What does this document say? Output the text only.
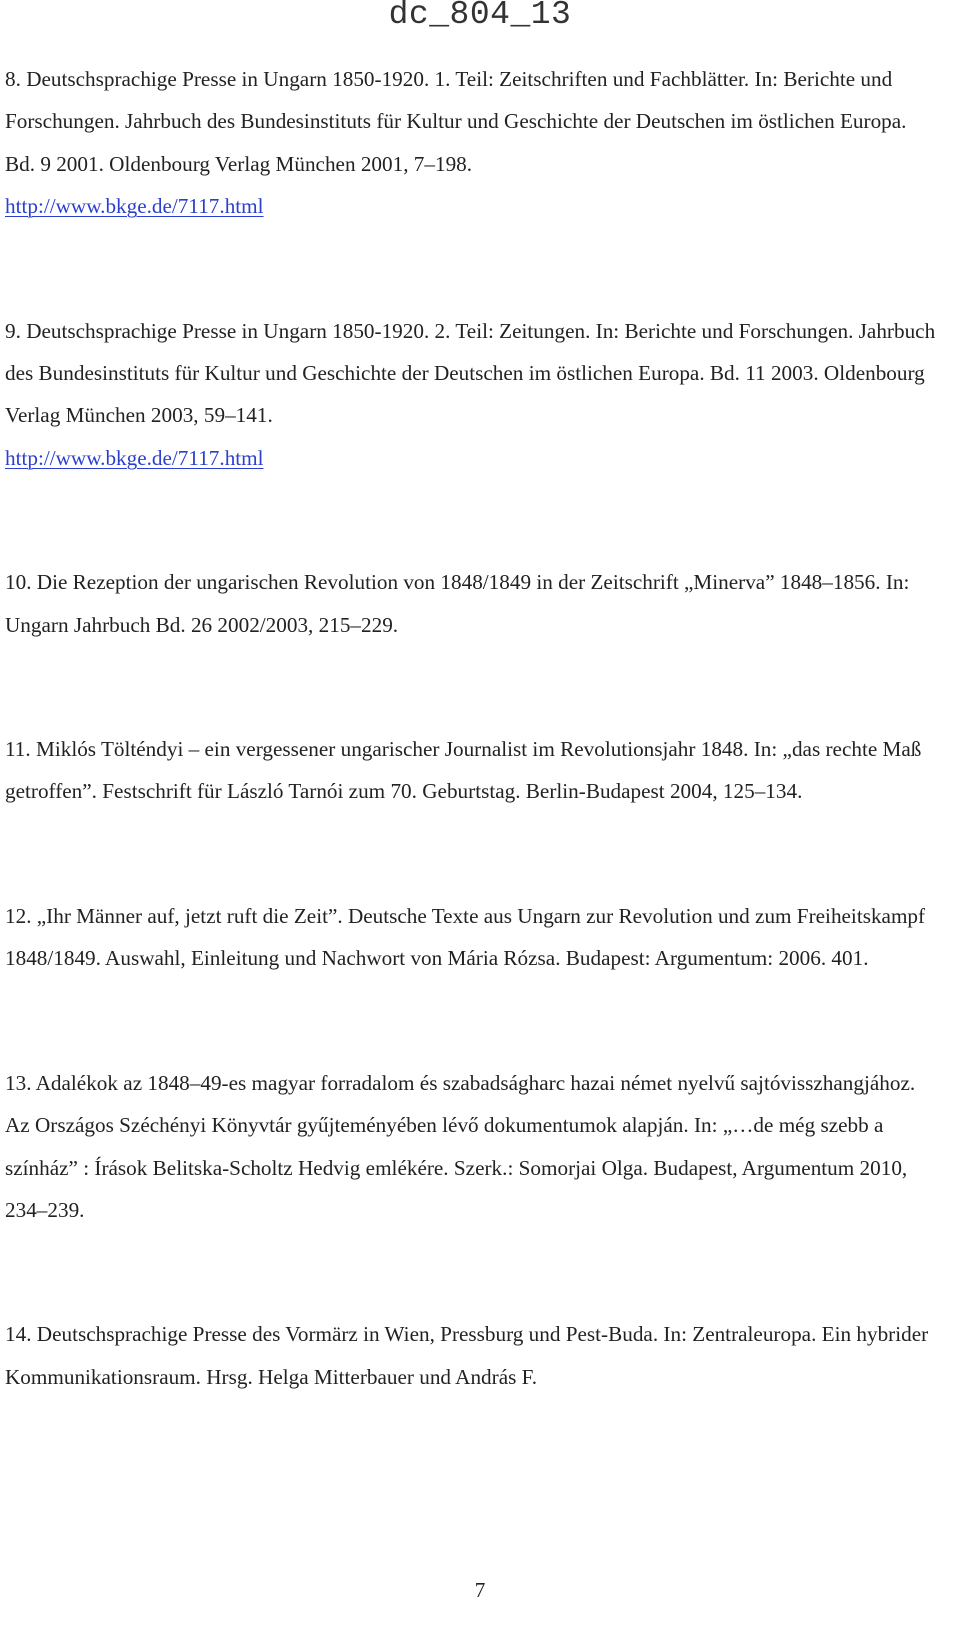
dc_804_13
8. Deutschsprachige Presse in Ungarn 1850-1920. 1. Teil: Zeitschriften und Fachblätter. In: Berichte und Forschungen. Jahrbuch des Bundesinstituts für Kultur und Geschichte der Deutschen im östlichen Europa. Bd. 9 2001. Oldenbourg Verlag München 2001, 7–198.
http://www.bkge.de/7117.html
9. Deutschsprachige Presse in Ungarn 1850-1920. 2. Teil: Zeitungen. In: Berichte und Forschungen. Jahrbuch des Bundesinstituts für Kultur und Geschichte der Deutschen im östlichen Europa. Bd. 11 2003. Oldenbourg Verlag München 2003, 59–141.
http://www.bkge.de/7117.html
10. Die Rezeption der ungarischen Revolution von 1848/1849 in der Zeitschrift „Minerva” 1848–1856. In: Ungarn Jahrbuch Bd. 26 2002/2003, 215–229.
11. Miklós Tölténdyi – ein vergessener ungarischer Journalist im Revolutionsjahr 1848. In: „das rechte Maß getroffen”. Festschrift für László Tarnói zum 70. Geburtstag. Berlin-Budapest 2004, 125–134.
12. „Ihr Männer auf, jetzt ruft die Zeit”. Deutsche Texte aus Ungarn zur Revolution und zum Freiheitskampf 1848/1849. Auswahl, Einleitung und Nachwort von Mária Rózsa. Budapest: Argumentum: 2006. 401.
13. Adalékok az 1848–49-es magyar forradalom és szabadságharc hazai német nyelvű sajtóvisszhangjához. Az Országos Széchényi Könyvtár gyűjteményében lévő dokumentumok alapján. In: „…de még szebb a színház” : Írások Belitska-Scholtz Hedvig emlékére. Szerk.: Somorjai Olga. Budapest, Argumentum 2010, 234–239.
14. Deutschsprachige Presse des Vormärz in Wien, Pressburg und Pest-Buda. In: Zentraleuropa. Ein hybrider Kommunikationsraum. Hrsg. Helga Mitterbauer und András F.
7
